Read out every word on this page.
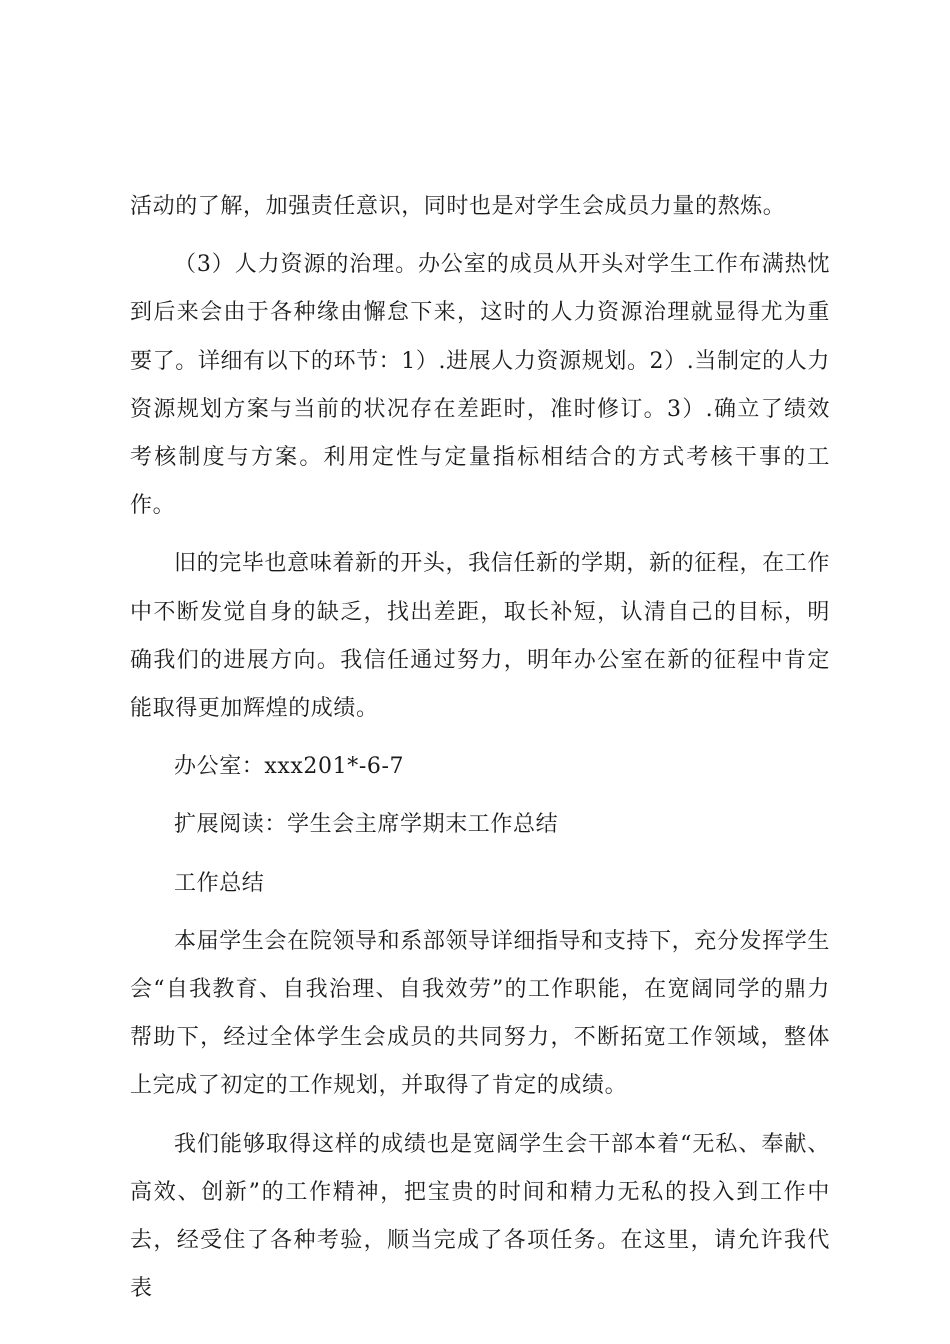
活动的了解，加强责任意识，同时也是对学生会成员力量的熬炼。

（3）人力资源的治理。办公室的成员从开头对学生工作布满热忱到后来会由于各种缘由懈怠下来，这时的人力资源治理就显得尤为重要了。详细有以下的环节：1）.进展人力资源规划。2）.当制定的人力资源规划方案与当前的状况存在差距时，准时修订。3）.确立了绩效考核制度与方案。利用定性与定量指标相结合的方式考核干事的工作。

旧的完毕也意味着新的开头，我信任新的学期，新的征程，在工作中不断发觉自身的缺乏，找出差距，取长补短，认清自己的目标，明确我们的进展方向。我信任通过努力，明年办公室在新的征程中肯定能取得更加辉煌的成绩。

办公室：xxx201*-6-7

扩展阅读：学生会主席学期末工作总结

工作总结

本届学生会在院领导和系部领导详细指导和支持下，充分发挥学生会“自我教育、自我治理、自我效劳”的工作职能，在宽阔同学的鼎力帮助下，经过全体学生会成员的共同努力，不断拓宽工作领域，整体上完成了初定的工作规划，并取得了肯定的成绩。

我们能够取得这样的成绩也是宽阔学生会干部本着“无私、奉献、高效、创新”的工作精神，把宝贵的时间和精力无私的投入到工作中去，经受住了各种考验，顺当完成了各项任务。在这里，请允许我代表
